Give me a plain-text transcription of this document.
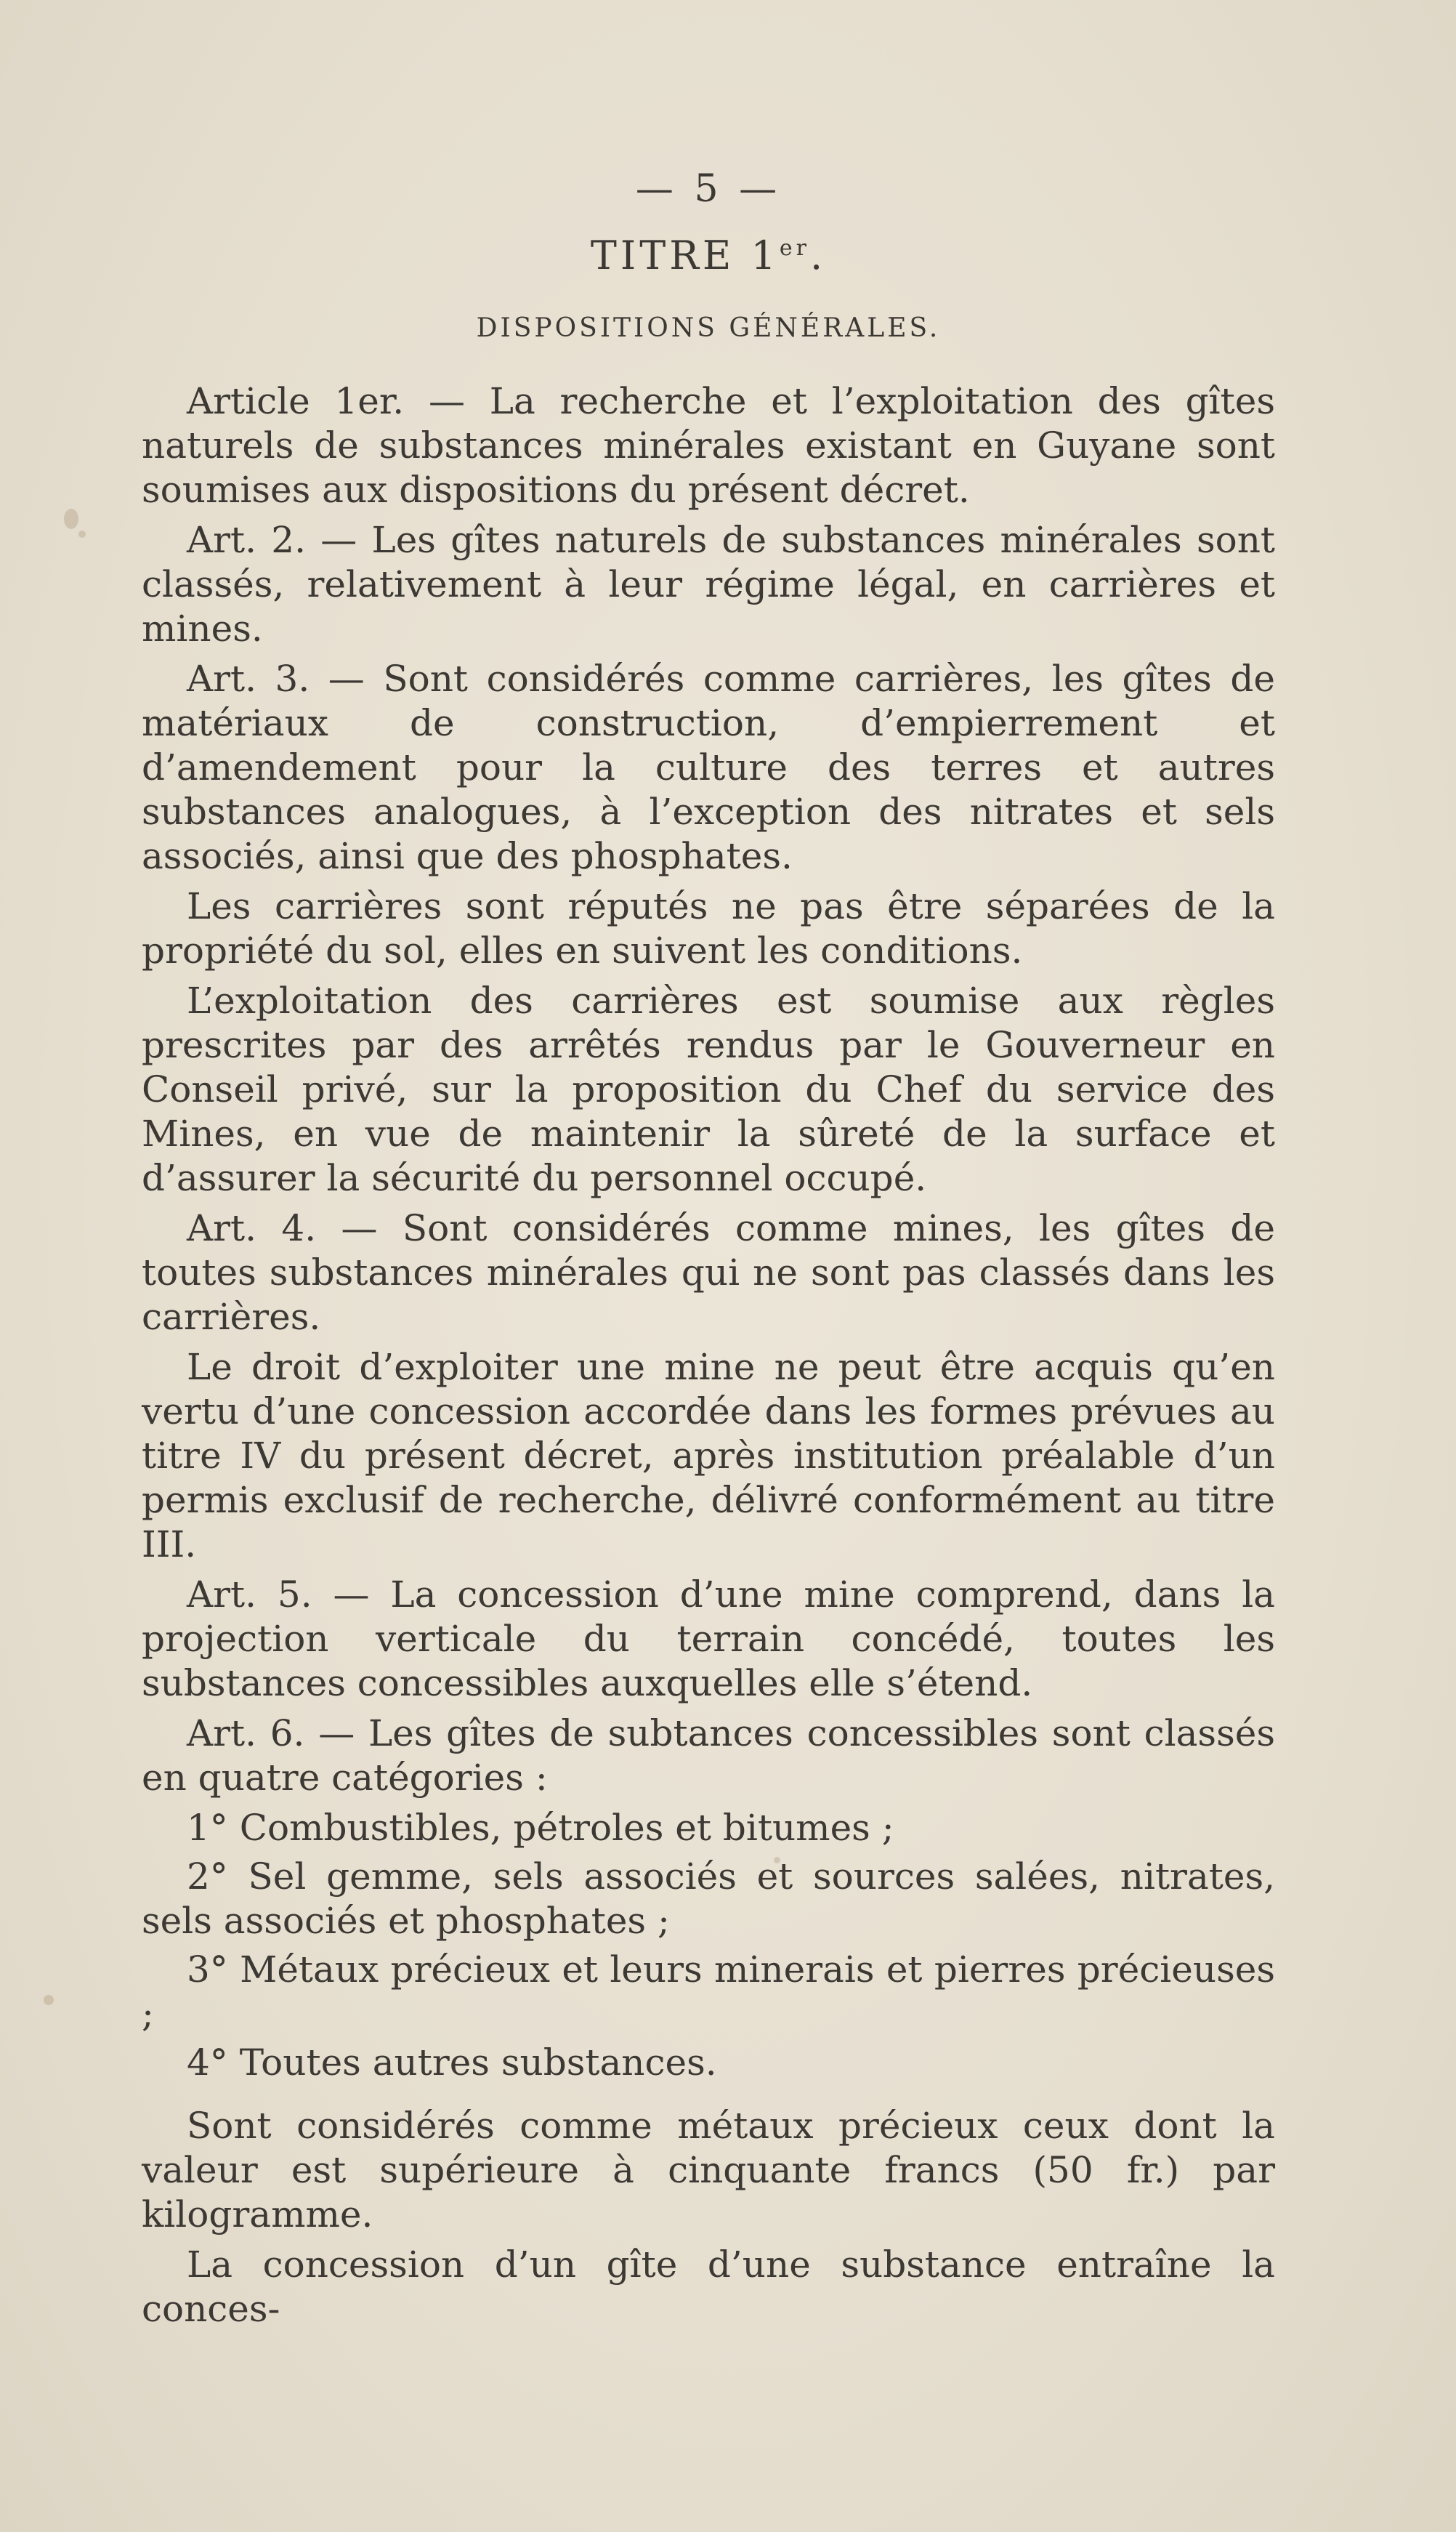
— 5 —
TITRE 1er.
DISPOSITIONS GÉNÉRALES.

Article 1er. — La recherche et l’exploitation des gîtes naturels de substances minérales existant en Guyane sont soumises aux dispositions du présent décret.

Art. 2. — Les gîtes naturels de substances minérales sont classés, relativement à leur régime légal, en carrières et mines.

Art. 3. — Sont considérés comme carrières, les gîtes de matériaux de construction, d’empierrement et d’amendement pour la culture des terres et autres substances analogues, à l’exception des nitrates et sels associés, ainsi que des phosphates.

Les carrières sont réputés ne pas être séparées de la propriété du sol, elles en suivent les conditions.

L’exploitation des carrières est soumise aux règles prescrites par des arrêtés rendus par le Gouverneur en Conseil privé, sur la proposition du Chef du service des Mines, en vue de maintenir la sûreté de la surface et d’assurer la sécurité du personnel occupé.

Art. 4. — Sont considérés comme mines, les gîtes de toutes substances minérales qui ne sont pas classés dans les carrières.

Le droit d’exploiter une mine ne peut être acquis qu’en vertu d’une concession accordée dans les formes prévues au titre IV du présent décret, après institution préalable d’un permis exclusif de recherche, délivré conformément au titre III.

Art. 5. — La concession d’une mine comprend, dans la projection verticale du terrain concédé, toutes les substances concessibles auxquelles elle s’étend.

Art. 6. — Les gîtes de subtances concessibles sont classés en quatre catégories :

1° Combustibles, pétroles et bitumes ;

2° Sel gemme, sels associés et sources salées, nitrates, sels associés et phosphates ;

3° Métaux précieux et leurs minerais et pierres précieuses ;

4° Toutes autres substances.

Sont considérés comme métaux précieux ceux dont la valeur est supérieure à cinquante francs (50 fr.) par kilogramme.

La concession d’un gîte d’une substance entraîne la conces-
